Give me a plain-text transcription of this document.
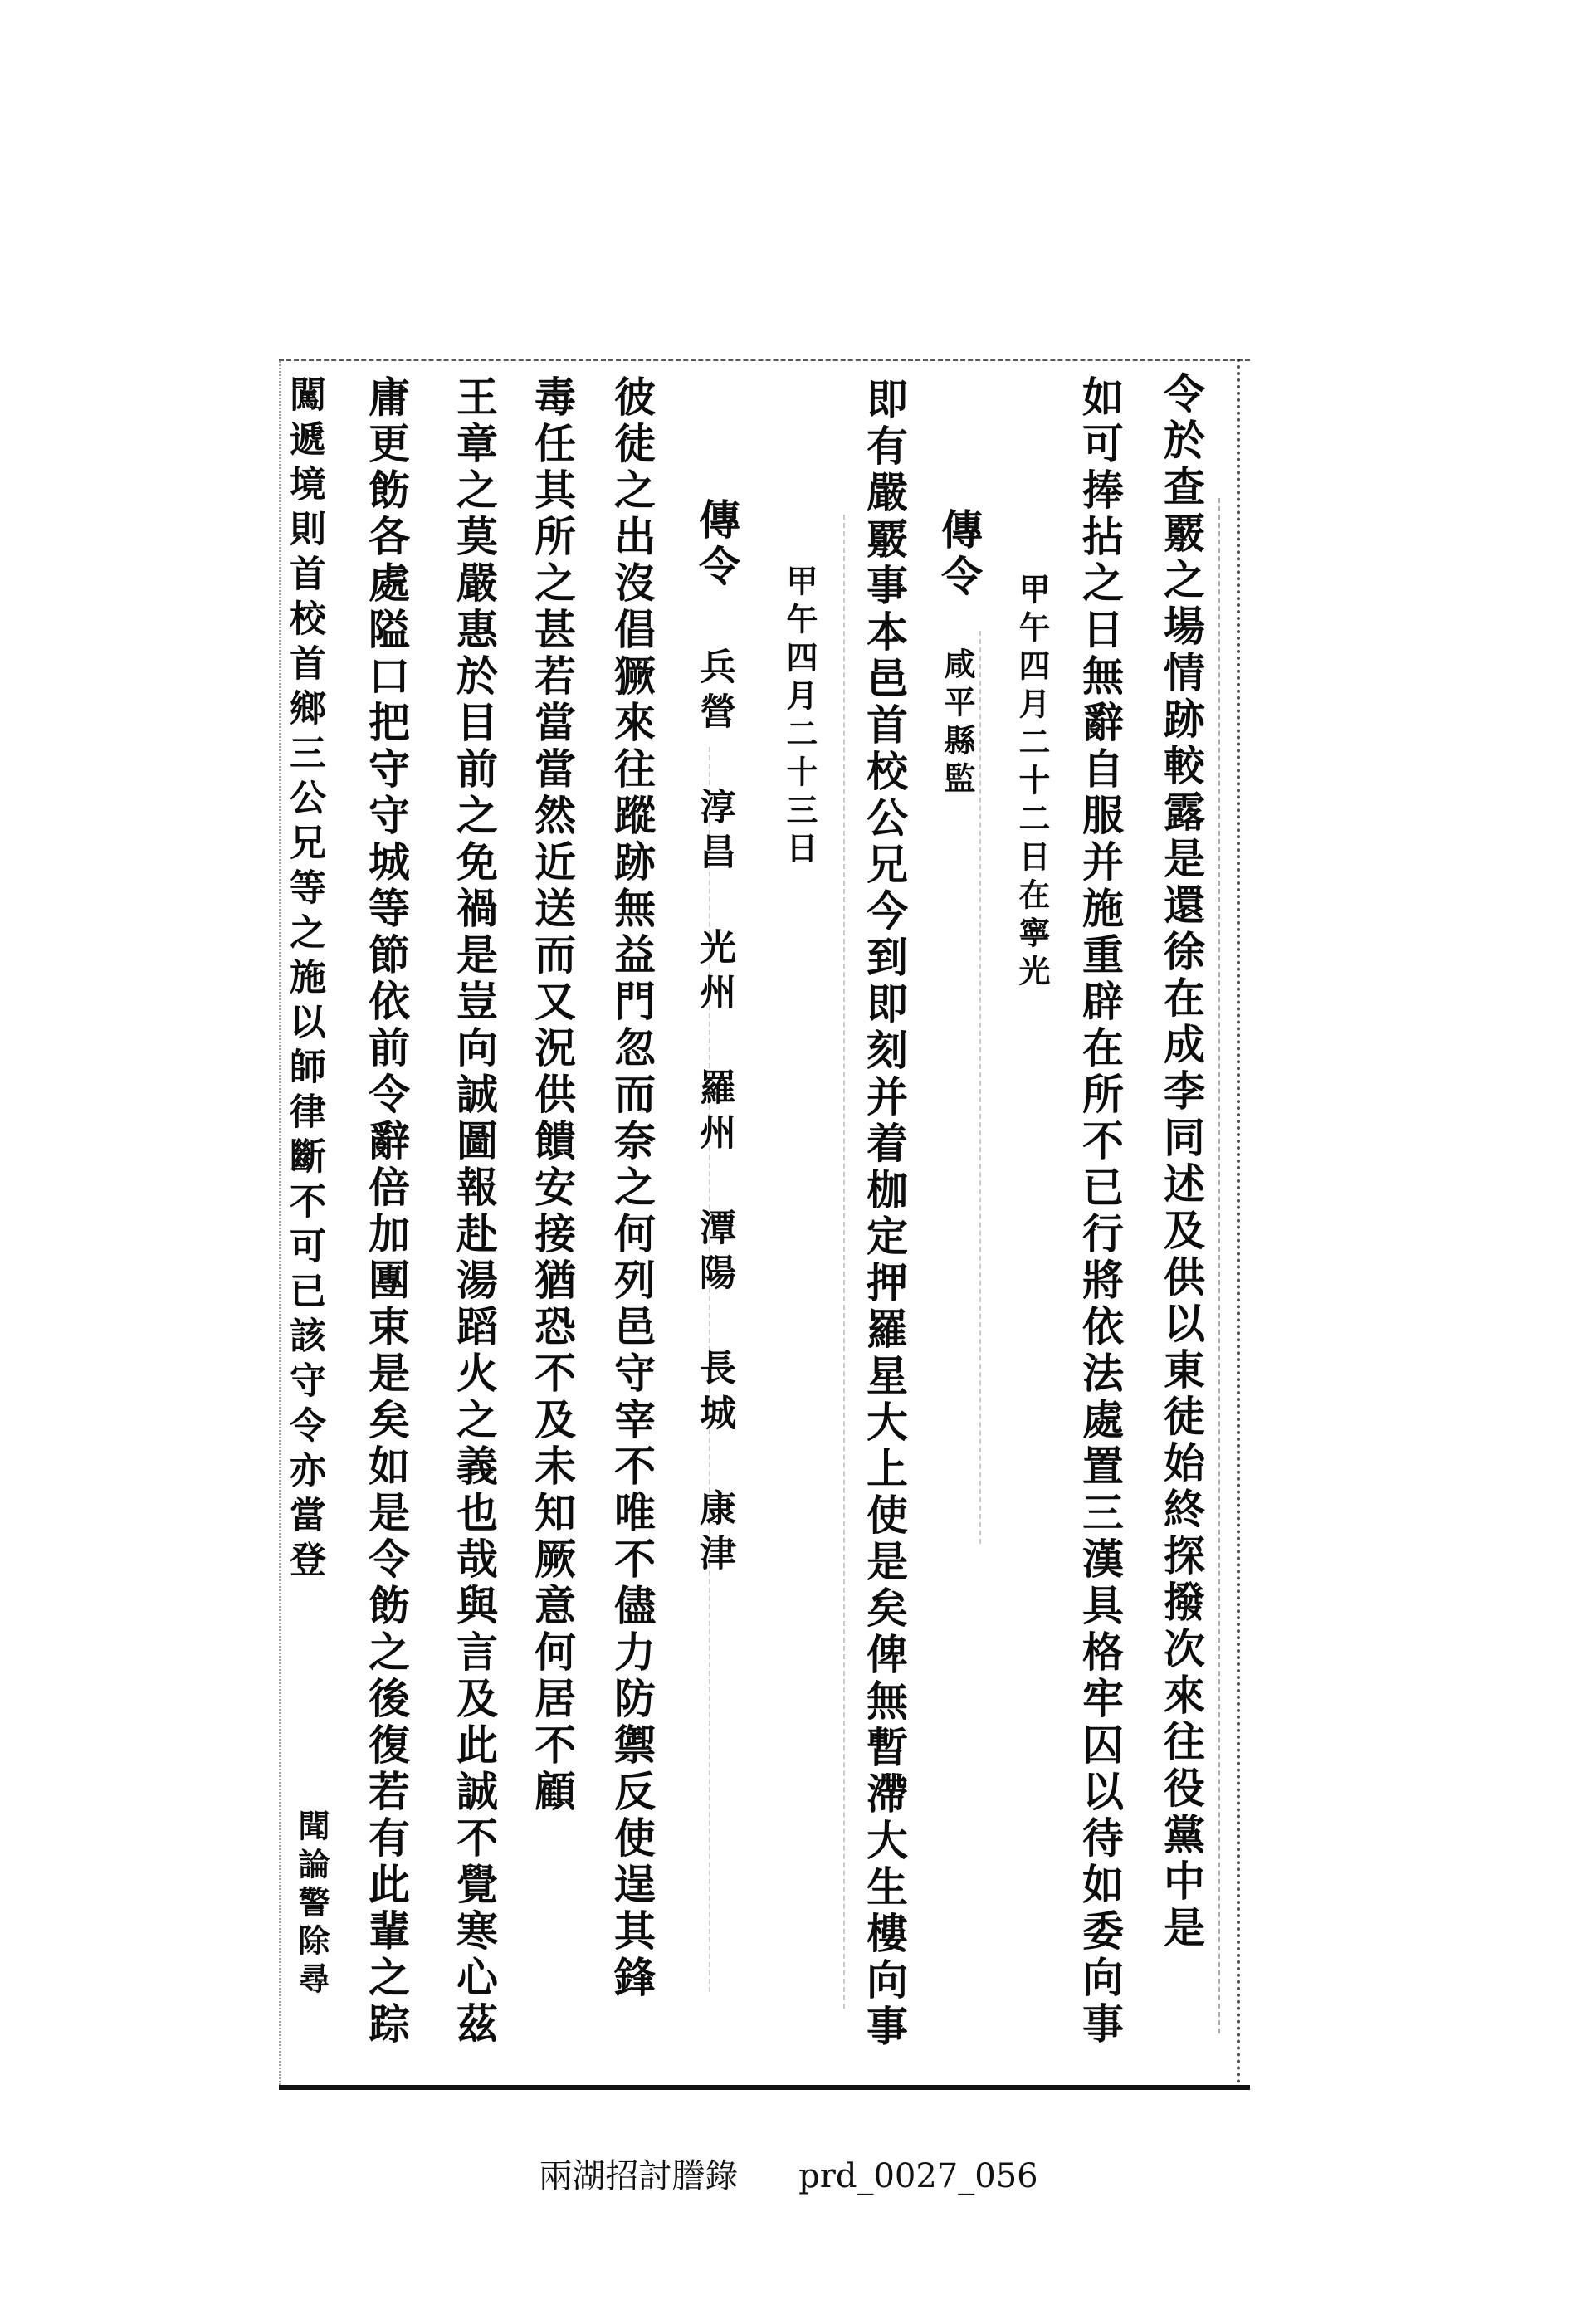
令於查覈之場情跡較露是還徐在成李同述及供以東徒始終探撥次來往役黨中是
如可捧拈之日無辭自服并施重辟在所不已行將依法處置三漢具格牢囚以待如委向事
甲午四月二十二日在寧光
傳令
咸平縣監
即有嚴覈事本邑首校公兄今到即刻并着枷定押羅星大上使是矣俾無暫滯大生樓向事
甲午四月二十三日
傳令
兵營 淳昌 光州 羅州 潭陽 長城 康津
彼徒之出沒倡獗來往蹤跡無益門忽而奈之何列邑守宰不唯不儘力防禦反使逞其鋒
毒任其所之甚若當當然近送而又況供饋安接猶恐不及未知厥意何居不顧
王章之莫嚴惠於目前之免禍是豈向誠圖報赴湯蹈火之義也哉與言及此誠不覺寒心茲
庸更飭各處隘口把守守城等節依前令辭倍加團束是矣如是令飭之後復若有此輩之踪
闖遞境則首校首鄉三公兄等之施以師律斷不可已該守令亦當登
聞論警除尋
兩湖招討謄錄 prd_0027_056
